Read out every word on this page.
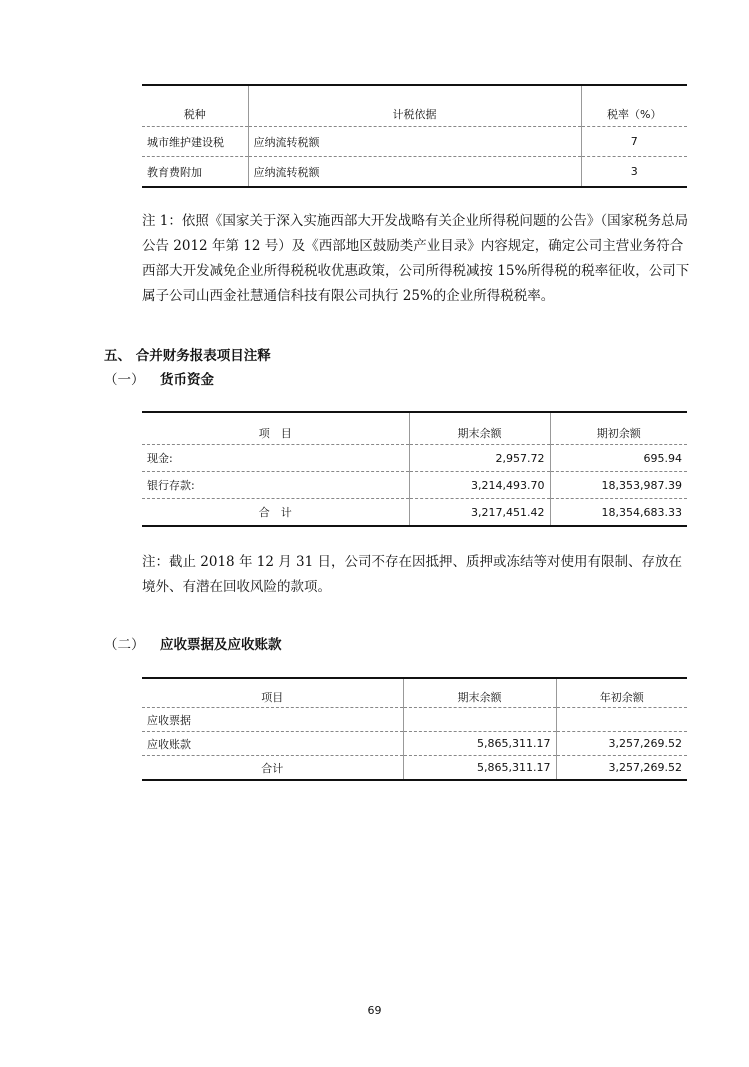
税种	计税依据	税率（%）
城市维护建设税	应纳流转税额	7
教育费附加	应纳流转税额	3

注 1：依照《国家关于深入实施西部大开发战略有关企业所得税问题的公告》（国家税务总局公告 2012 年第 12 号）及《西部地区鼓励类产业目录》内容规定，确定公司主营业务符合西部大开发减免企业所得税税收优惠政策，公司所得税减按 15%所得税的税率征收，公司下属子公司山西金社慧通信科技有限公司执行 25%的企业所得税税率。

五、 合并财务报表项目注释
（一） 货币资金
项　目	期末余额	期初余额
现金:	2,957.72	695.94
银行存款:	3,214,493.70	18,353,987.39
合　计	3,217,451.42	18,354,683.33

注：截止 2018 年 12 月 31 日，公司不存在因抵押、质押或冻结等对使用有限制、存放在境外、有潜在回收风险的款项。

（二） 应收票据及应收账款
项目	期末余额	年初余额
应收票据		
应收账款	5,865,311.17	3,257,269.52
合计	5,865,311.17	3,257,269.52
69
